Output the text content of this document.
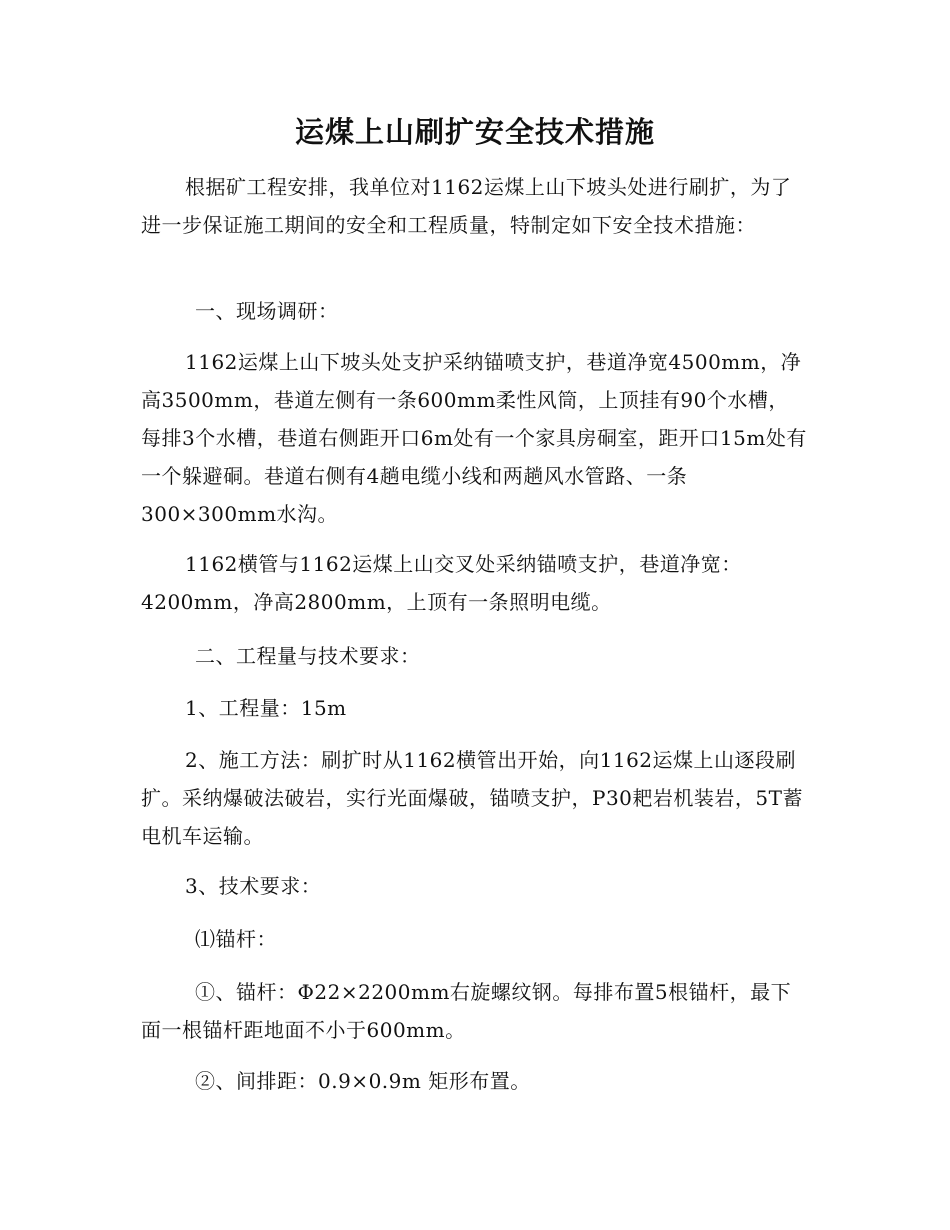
运煤上山刷扩安全技术措施

根据矿工程安排，我单位对1162运煤上山下坡头处进行刷扩，为了进一步保证施工期间的安全和工程质量，特制定如下安全技术措施：

一、现场调研：

1162运煤上山下坡头处支护采纳锚喷支护，巷道净宽4500mm，净高3500mm，巷道左侧有一条600mm柔性风筒，上顶挂有90个水槽，每排3个水槽，巷道右侧距开口6m处有一个家具房硐室，距开口15m处有一个躲避硐。巷道右侧有4趟电缆小线和两趟风水管路、一条300×300mm水沟。

1162横管与1162运煤上山交叉处采纳锚喷支护，巷道净宽：4200mm，净高2800mm，上顶有一条照明电缆。

二、工程量与技术要求：

1、工程量：15m

2、施工方法：刷扩时从1162横管出开始，向1162运煤上山逐段刷扩。采纳爆破法破岩，实行光面爆破，锚喷支护，P30耙岩机装岩，5T蓄电机车运输。

3、技术要求：

⑴锚杆：

①、锚杆：Φ22×2200mm右旋螺纹钢。每排布置5根锚杆，最下面一根锚杆距地面不小于600mm。

②、间排距：0.9×0.9m 矩形布置。
